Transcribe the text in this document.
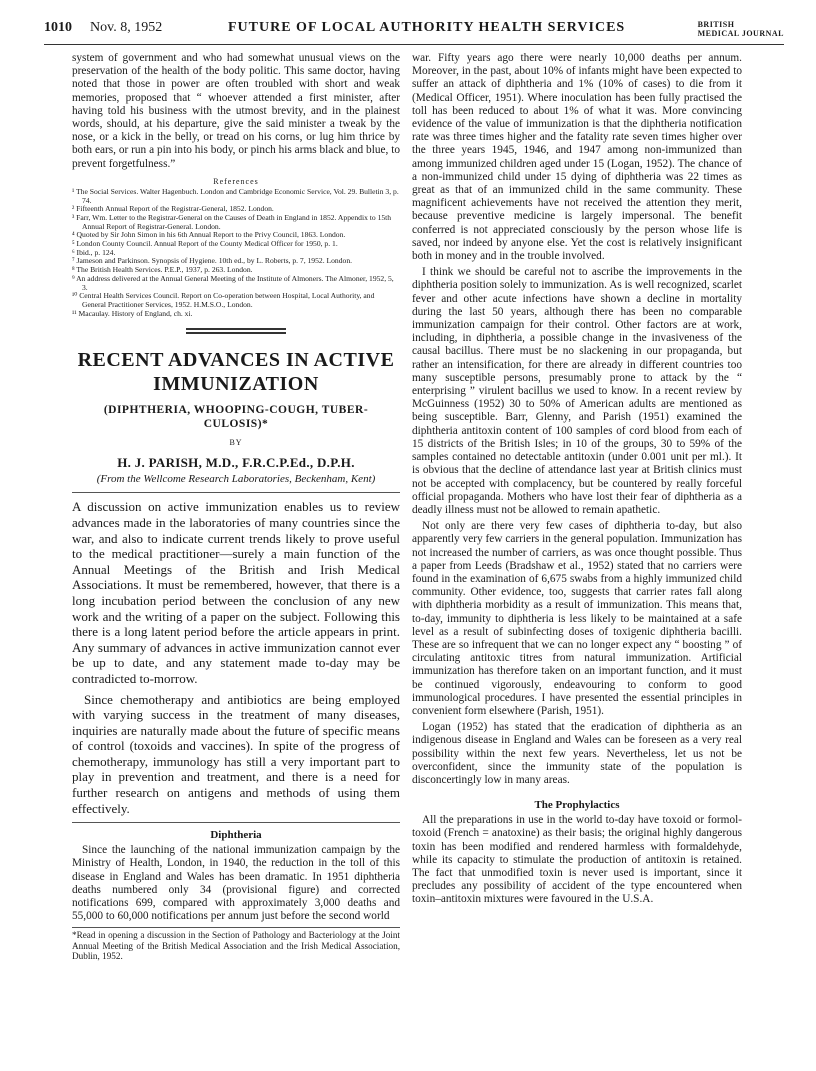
1010 Nov. 8, 1952	FUTURE OF LOCAL AUTHORITY HEALTH SERVICES	BRITISH
MEDICAL JOURNAL

system of government and who had somewhat unusual views on the preservation of the health of the body politic. This same doctor, having noted that those in power are often troubled with short and weak memories, proposed that “ whoever attended a first minister, after having told his business with the utmost brevity, and in the plainest words, should, at his departure, give the said minister a tweak by the nose, or a kick in the belly, or tread on his corns, or lug him thrice by both ears, or run a pin into his body, or pinch his arms black and blue, to prevent forgetfulness.”

References
¹ The Social Services. Walter Hagenbuch. London and Cambridge Economic Service, Vol. 29. Bulletin 3, p. 74.
² Fifteenth Annual Report of the Registrar-General, 1852. London.
³ Farr, Wm. Letter to the Registrar-General on the Causes of Death in England in 1852. Appendix to 15th Annual Report of Registrar-General. London.
⁴ Quoted by Sir John Simon in his 6th Annual Report to the Privy Council, 1863. London.
⁵ London County Council. Annual Report of the County Medical Officer for 1950, p. 1.
⁶ Ibid., p. 124.
⁷ Jameson and Parkinson. Synopsis of Hygiene. 10th ed., by L. Roberts, p. 7, 1952. London.
⁸ The British Health Services. P.E.P., 1937, p. 263. London.
⁹ An address delivered at the Annual General Meeting of the Institute of Almoners. The Almoner, 1952, 5, 3.
¹⁰ Central Health Services Council. Report on Co-operation between Hospital, Local Authority, and General Practitioner Services, 1952. H.M.S.O., London.
¹¹ Macaulay. History of England, ch. xi.

RECENT ADVANCES IN ACTIVE

IMMUNIZATION

(DIPHTHERIA, WHOOPING-COUGH, TUBER-

CULOSIS)*

BY
H. J. PARISH, M.D., F.R.C.P.Ed., D.P.H.
(From the Wellcome Research Laboratories, Beckenham, Kent)

A discussion on active immunization enables us to review advances made in the laboratories of many countries since the war, and also to indicate current trends likely to prove useful to the medical practitioner—surely a main function of the Annual Meetings of the British and Irish Medical Associations. It must be remembered, however, that there is a long incubation period between the conclusion of any new work and the writing of a paper on the subject. Following this there is a long latent period before the article appears in print. Any summary of advances in active immunization cannot ever be up to date, and any statement made to-day may be contradicted to-morrow.

Since chemotherapy and antibiotics are being employed with varying success in the treatment of many diseases, inquiries are naturally made about the future of specific means of control (toxoids and vaccines). In spite of the progress of chemotherapy, immunology has still a very important part to play in prevention and treatment, and there is a need for further research on antigens and methods of using them effectively.

Diphtheria

Since the launching of the national immunization campaign by the Ministry of Health, London, in 1940, the reduction in the toll of this disease in England and Wales has been dramatic. In 1951 diphtheria deaths numbered only 34 (provisional figure) and corrected notifications 699, compared with approximately 3,000 deaths and 55,000 to 60,000 notifications per annum just before the second world

*Read in opening a discussion in the Section of Pathology and Bacteriology at the Joint Annual Meeting of the British Medical Association and the Irish Medical Association, Dublin, 1952.

war. Fifty years ago there were nearly 10,000 deaths per annum. Moreover, in the past, about 10% of infants might have been expected to suffer an attack of diphtheria and 1% (10% of cases) to die from it (Medical Officer, 1951). Where inoculation has been fully practised the toll has been reduced to about 1% of what it was. More convincing evidence of the value of immunization is that the diphtheria notification rate was three times higher and the fatality rate seven times higher over the three years 1945, 1946, and 1947 among non-immunized than among immunized children aged under 15 (Logan, 1952). The chance of a non-immunized child under 15 dying of diphtheria was 22 times as great as that of an immunized child in the same community. These magnificent achievements have not received the attention they merit, because preventive medicine is largely impersonal. The benefit conferred is not appreciated consciously by the person whose life is saved, nor indeed by anyone else. Yet the cost is relatively insignificant both in money and in the trouble involved.

I think we should be careful not to ascribe the improvements in the diphtheria position solely to immunization. As is well recognized, scarlet fever and other acute infections have shown a decline in mortality during the last 50 years, although there has been no comparable immunization campaign for their control. Other factors are at work, including, in diphtheria, a possible change in the invasiveness of the causal bacillus. There must be no slackening in our propaganda, but rather an intensification, for there are already in different countries too many susceptible persons, presumably prone to attack by the “ enterprising ” virulent bacillus we used to know. In a recent review by McGuinness (1952) 30 to 50% of American adults are mentioned as being susceptible. Barr, Glenny, and Parish (1951) examined the diphtheria antitoxin content of 100 samples of cord blood from each of 15 districts of the British Isles; in 10 of the groups, 30 to 59% of the samples contained no detectable antitoxin (under 0.001 unit per ml.). It is obvious that the decline of attendance last year at British clinics must not be accepted with complacency, but be countered by really forceful official propaganda. Mothers who have lost their fear of diphtheria as a deadly illness must not be allowed to remain apathetic.

Not only are there very few cases of diphtheria to-day, but also apparently very few carriers in the general population. Immunization has not increased the number of carriers, as was once thought possible. Thus a paper from Leeds (Bradshaw et al., 1952) stated that no carriers were found in the examination of 6,675 swabs from a highly immunized child community. Other evidence, too, suggests that carrier rates fall along with diphtheria morbidity as a result of immunization. This means that, to-day, immunity to diphtheria is less likely to be maintained at a safe level as a result of subinfecting doses of toxigenic diphtheria bacilli. These are so infrequent that we can no longer expect any “ boosting ” of circulating antitoxic titres from natural immunization. Artificial immunization has therefore taken on an important function, and it must be continued vigorously, endeavouring to conform to good immunological procedures. I have presented the essential principles in convenient form elsewhere (Parish, 1951).

Logan (1952) has stated that the eradication of diphtheria as an indigenous disease in England and Wales can be foreseen as a very real possibility within the next few years. Nevertheless, let us not be overconfident, since the immunity state of the population is disconcertingly low in many areas.

The Prophylactics

All the preparations in use in the world to-day have toxoid or formol-toxoid (French = anatoxine) as their basis; the original highly dangerous toxin has been modified and rendered harmless with formaldehyde, while its capacity to stimulate the production of antitoxin is retained. The fact that unmodified toxin is never used is important, since it precludes any possibility of accident of the type encountered when toxin–antitoxin mixtures were favoured in the U.S.A.
